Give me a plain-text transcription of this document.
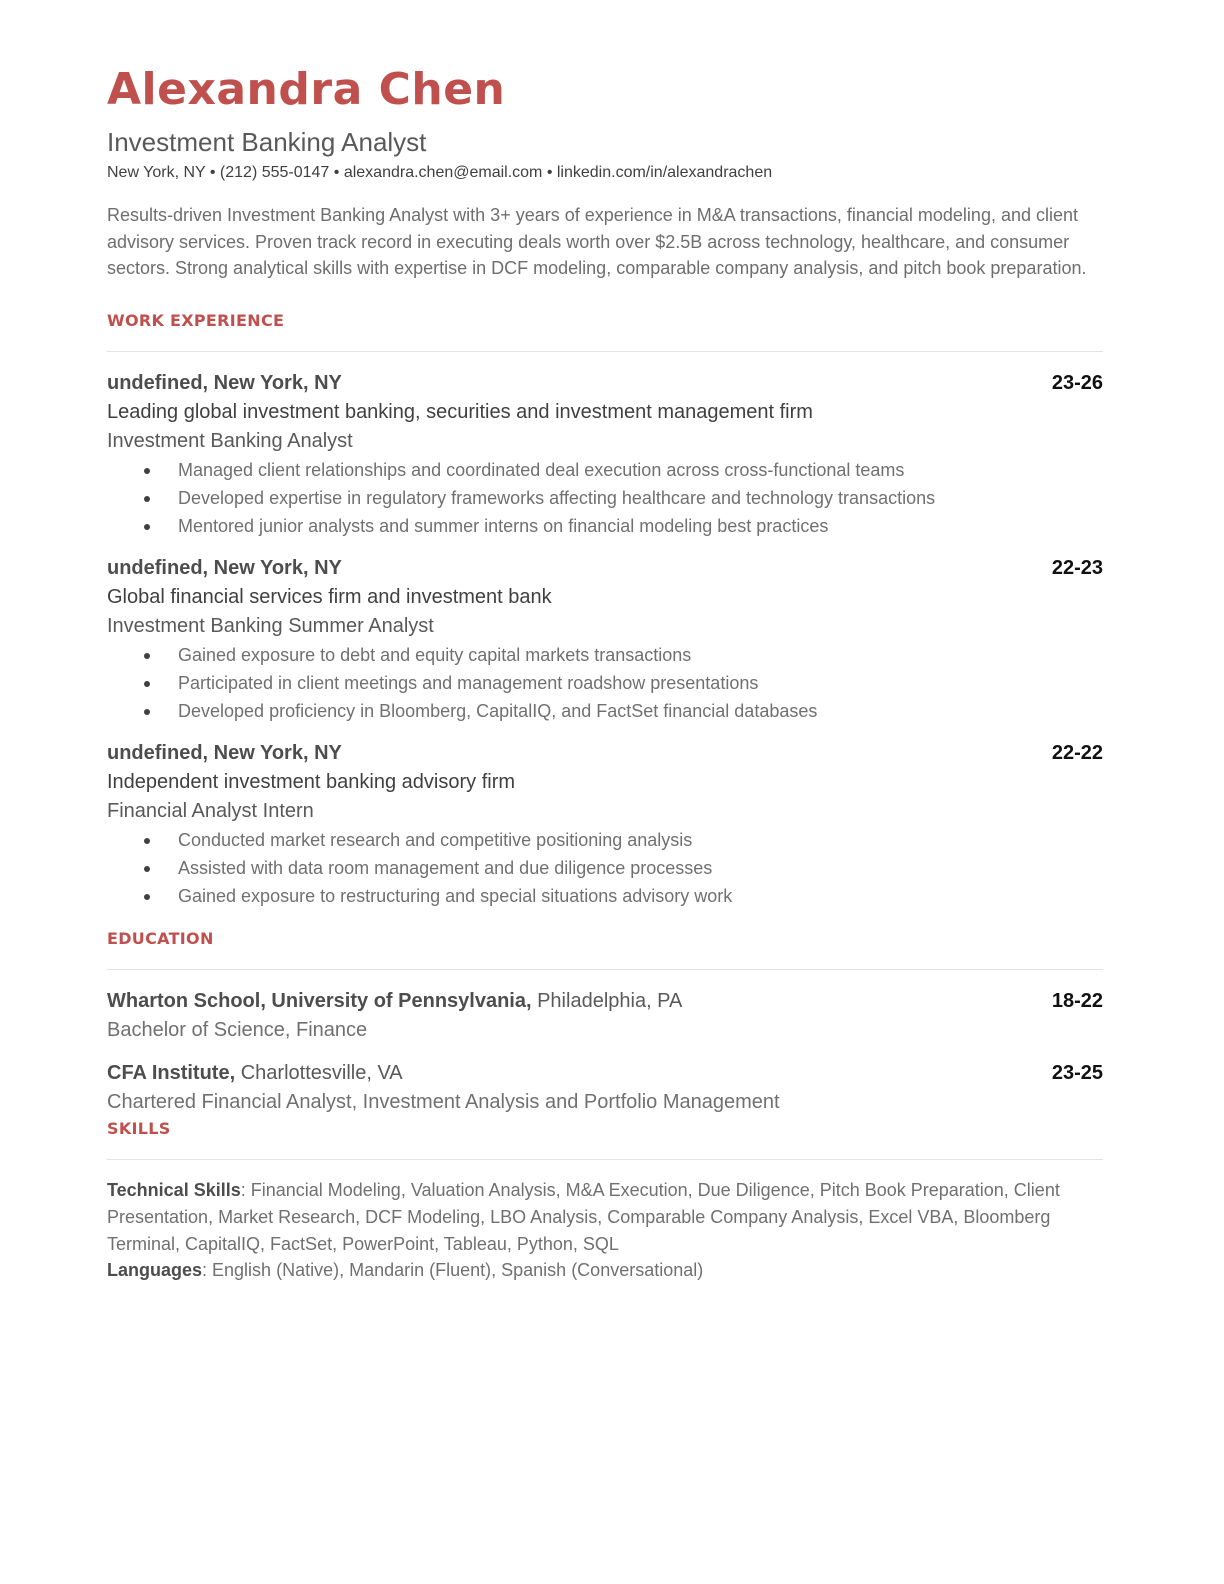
Alexandra Chen
Investment Banking Analyst
New York, NY • (212) 555-0147 • alexandra.chen@email.com • linkedin.com/in/alexandrachen
Results-driven Investment Banking Analyst with 3+ years of experience in M&A transactions, financial modeling, and client advisory services. Proven track record in executing deals worth over $2.5B across technology, healthcare, and consumer sectors. Strong analytical skills with expertise in DCF modeling, comparable company analysis, and pitch book preparation.
WORK EXPERIENCE
undefined, New York, NY	23-26
Leading global investment banking, securities and investment management firm
Investment Banking Analyst
Managed client relationships and coordinated deal execution across cross-functional teams
Developed expertise in regulatory frameworks affecting healthcare and technology transactions
Mentored junior analysts and summer interns on financial modeling best practices
undefined, New York, NY	22-23
Global financial services firm and investment bank
Investment Banking Summer Analyst
Gained exposure to debt and equity capital markets transactions
Participated in client meetings and management roadshow presentations
Developed proficiency in Bloomberg, CapitalIQ, and FactSet financial databases
undefined, New York, NY	22-22
Independent investment banking advisory firm
Financial Analyst Intern
Conducted market research and competitive positioning analysis
Assisted with data room management and due diligence processes
Gained exposure to restructuring and special situations advisory work
EDUCATION
Wharton School, University of Pennsylvania, Philadelphia, PA	18-22
Bachelor of Science, Finance
CFA Institute, Charlottesville, VA	23-25
Chartered Financial Analyst, Investment Analysis and Portfolio Management
SKILLS

Technical Skills: Financial Modeling, Valuation Analysis, M&A Execution, Due Diligence, Pitch Book Preparation, Client Presentation, Market Research, DCF Modeling, LBO Analysis, Comparable Company Analysis, Excel VBA, Bloomberg Terminal, CapitalIQ, FactSet, PowerPoint, Tableau, Python, SQL

Languages: English (Native), Mandarin (Fluent), Spanish (Conversational)
